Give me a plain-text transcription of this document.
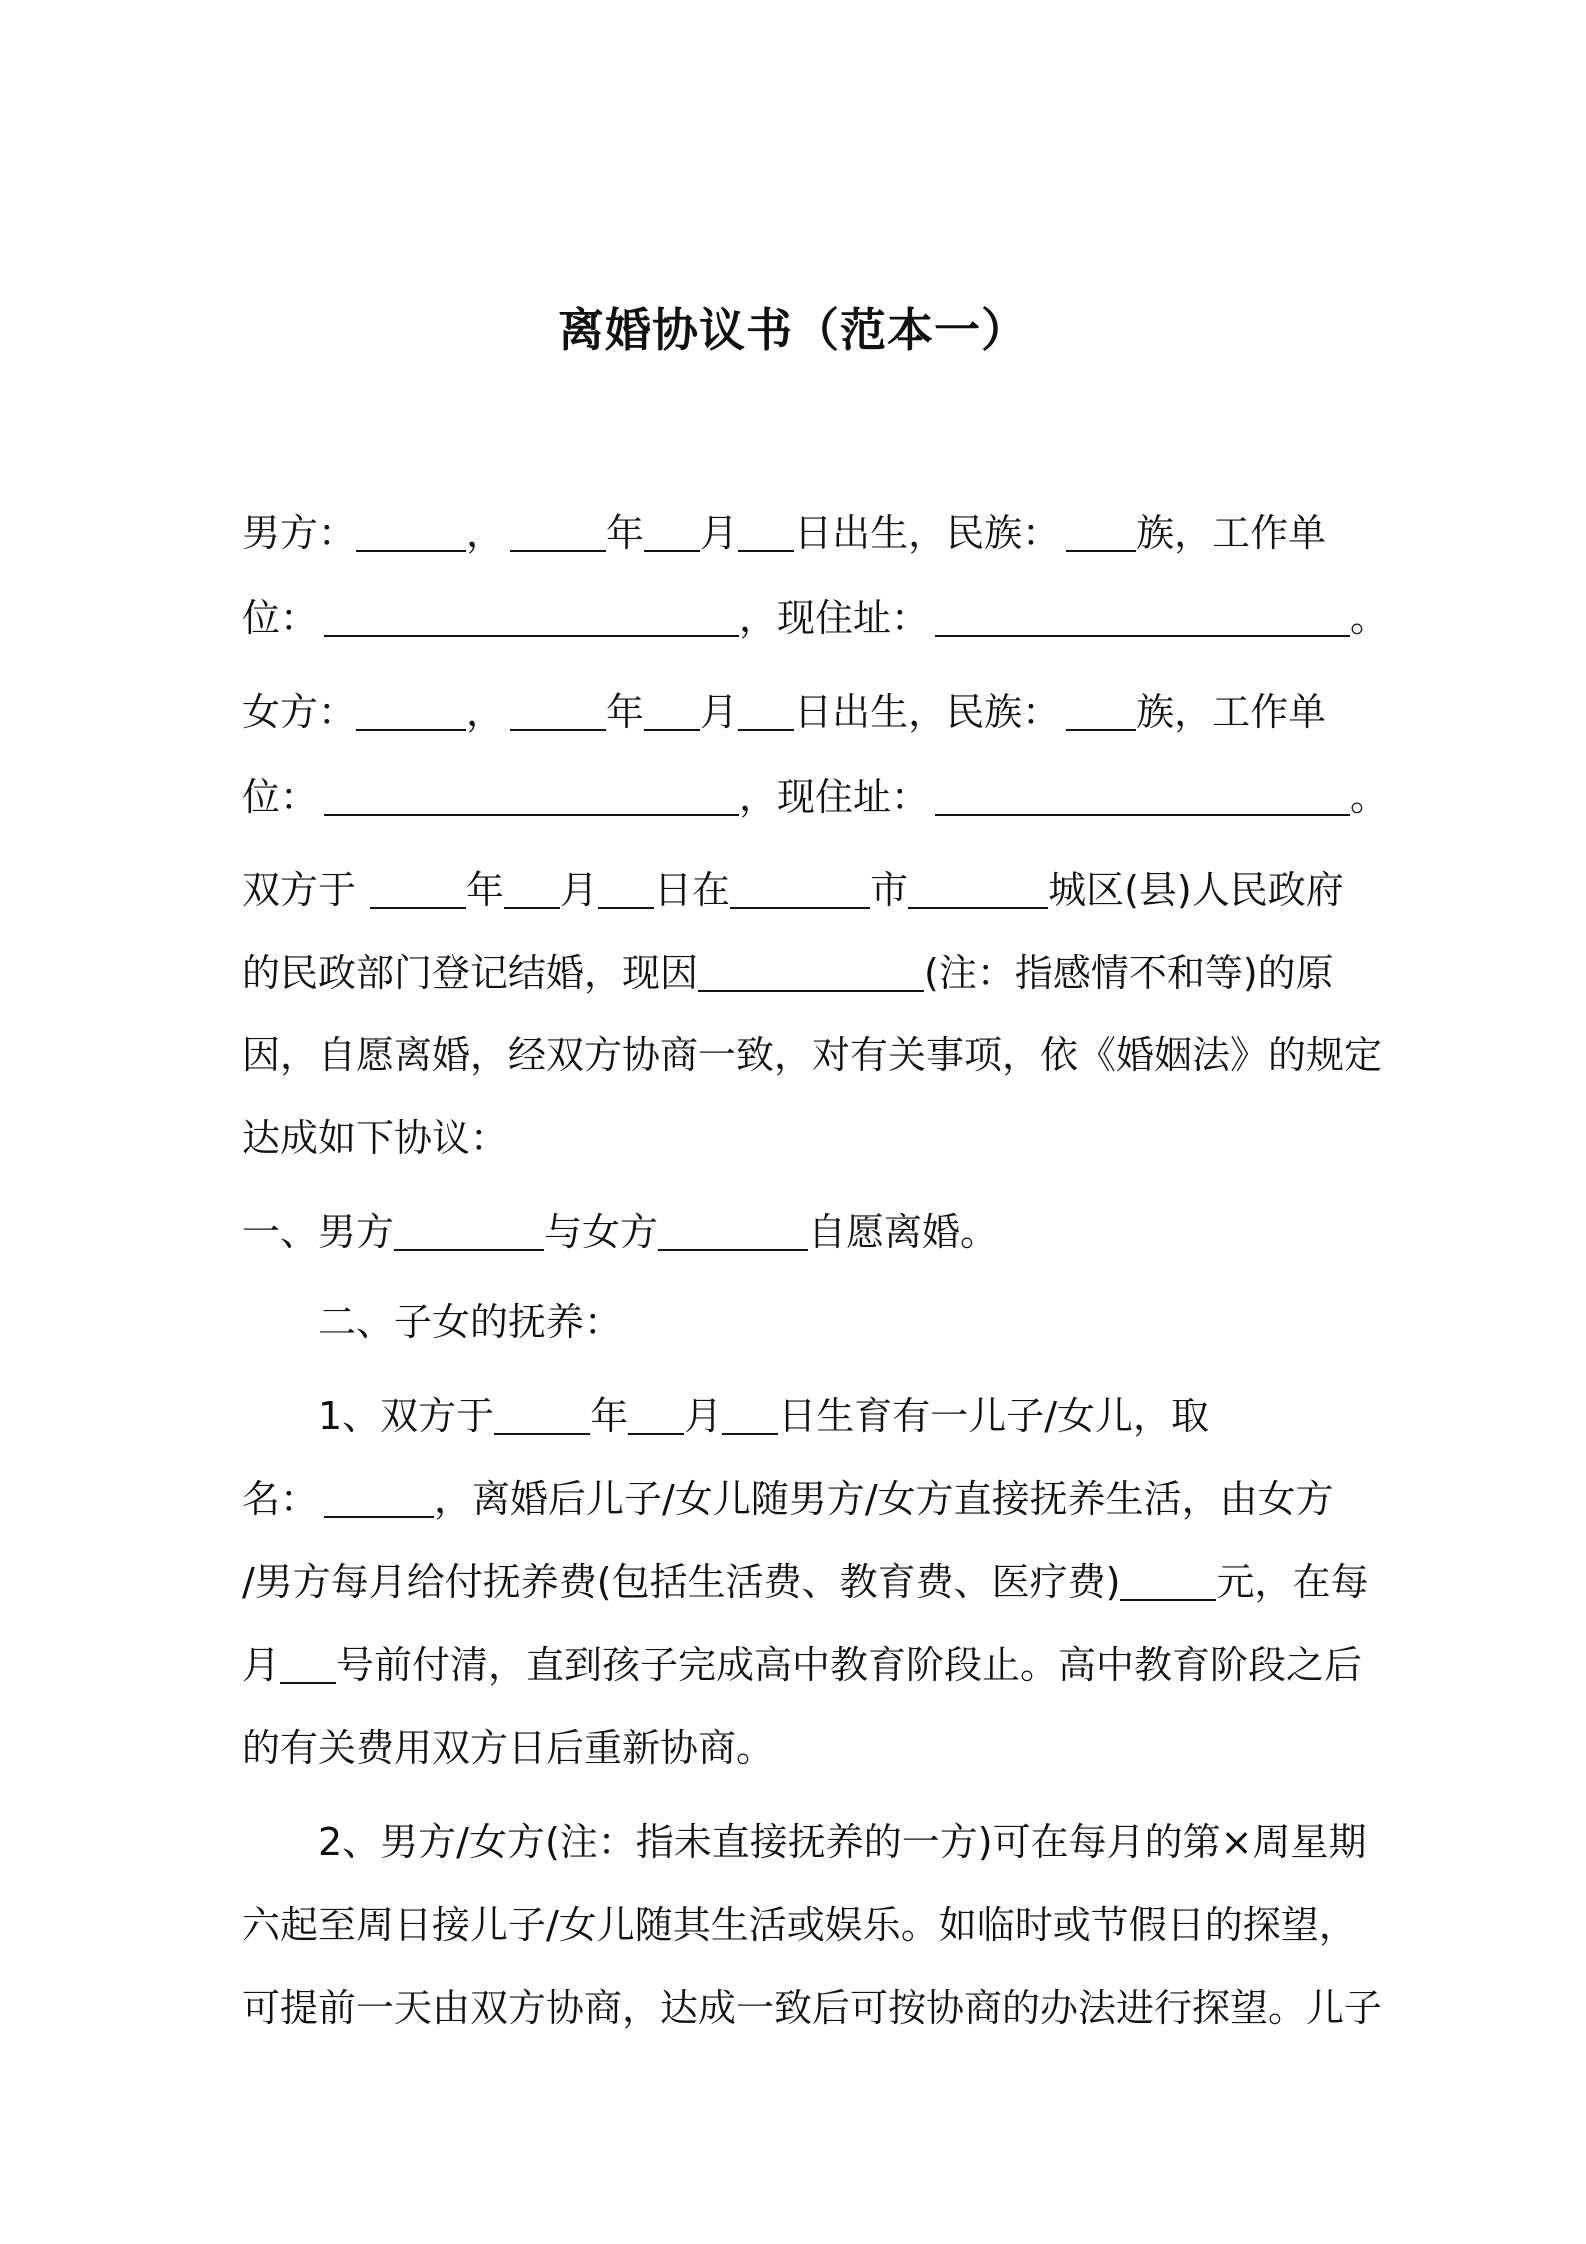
离婚协议书（范本一）

男方：	，	年 月 日出生，民族： 族，工作单

位：	，现住址：	。

女方：	，	年 月 日出生，民族： 族，工作单

位：	，现住址：	。

双方于	年 月 日在	市	城区(县)人民政府

的民政部门登记结婚，现因	(注：指感情不和等)的原

因，自愿离婚，经双方协商一致，对有关事项，依《婚姻法》的规定

达成如下协议：

一、男方	与女方	自愿离婚。

二、子女的抚养：

1、双方于	年 月 日生育有一儿子/女儿，取

名：	，离婚后儿子/女儿随男方/女方直接抚养生活，由女方

/男方每月给付抚养费(包括生活费、教育费、医疗费)	元，在每

月 号前付清，直到孩子完成高中教育阶段止。高中教育阶段之后

的有关费用双方日后重新协商。

2、男方/女方(注：指未直接抚养的一方)可在每月的第×周星期

六起至周日接儿子/女儿随其生活或娱乐。如临时或节假日的探望，

可提前一天由双方协商，达成一致后可按协商的办法进行探望。儿子
